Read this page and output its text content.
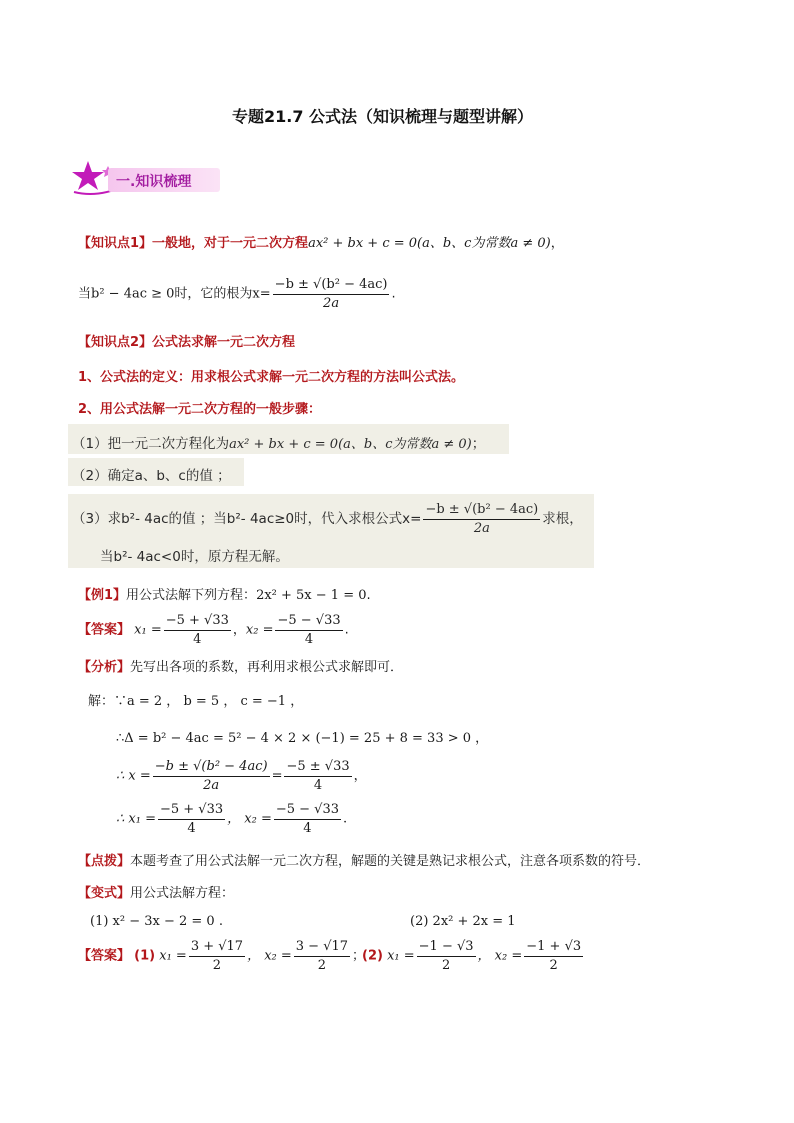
专题21.7 公式法（知识梳理与题型讲解）
一.知识梳理
【知识点1】一般地，对于一元二次方程ax² + bx + c = 0(a、b、c为常数a ≠ 0)，
当b² − 4ac ≥ 0时，它的根为$x= \frac{\text{−b ± √(b² − 4ac)}}{2a}$ .
【知识点2】公式法求解一元二次方程
1、公式法的定义：用求根公式求解一元二次方程的方法叫公式法。
2、用公式法解一元二次方程的一般步骤：
（1）把一元二次方程化为ax² + bx + c = 0(a、b、c为常数a ≠ 0)；
（2）确定a、b、c的值 ；
（3）求b²- 4ac的值 ；当b²- 4ac≥0时，代入求根公式$x= \frac{\text{−b ± √(b² − 4ac)}}{2a}$ 求根，
当b²- 4ac<0时，原方程无解。
【例1】用公式法解下列方程：2x² + 5x − 1 = 0.
【答案】 $x_1 = \frac{-5 + √33}{4}$ ，$x_2 = \frac{-5 - √33}{4}$ .
【分析】先写出各项的系数，再利用求根公式求解即可．
解：∵a = 2 ， b = 5 ， c = −1 ，
∴Δ = b² − 4ac = 5² − 4 × 2 × (−1) = 25 + 8 = 33 > 0 ，
∴ $x = \frac{\text{−b ± √(b² − 4ac)}}{2a} = \frac{-5 \pm √33}{4}$ ，
∴ $x_1 = \frac{-5 + √33}{4}$ ， $x_2 = \frac{-5 - √33}{4}$ .
【点拨】本题考查了用公式法解一元二次方程，解题的关键是熟记求根公式，注意各项系数的符号．
【变式】用公式法解方程：
(1) x² − 3x − 2 = 0 .	(2) 2x² + 2x = 1
【答案】 (1) $x_1 = \frac{3 + √17}{2}$ ， $x_2 = \frac{3 - √17}{2}$ ；
(2) $x_1 = \frac{-1 - √3}{2}$ ， $x_2 = \frac{-1 + √3}{2}$
